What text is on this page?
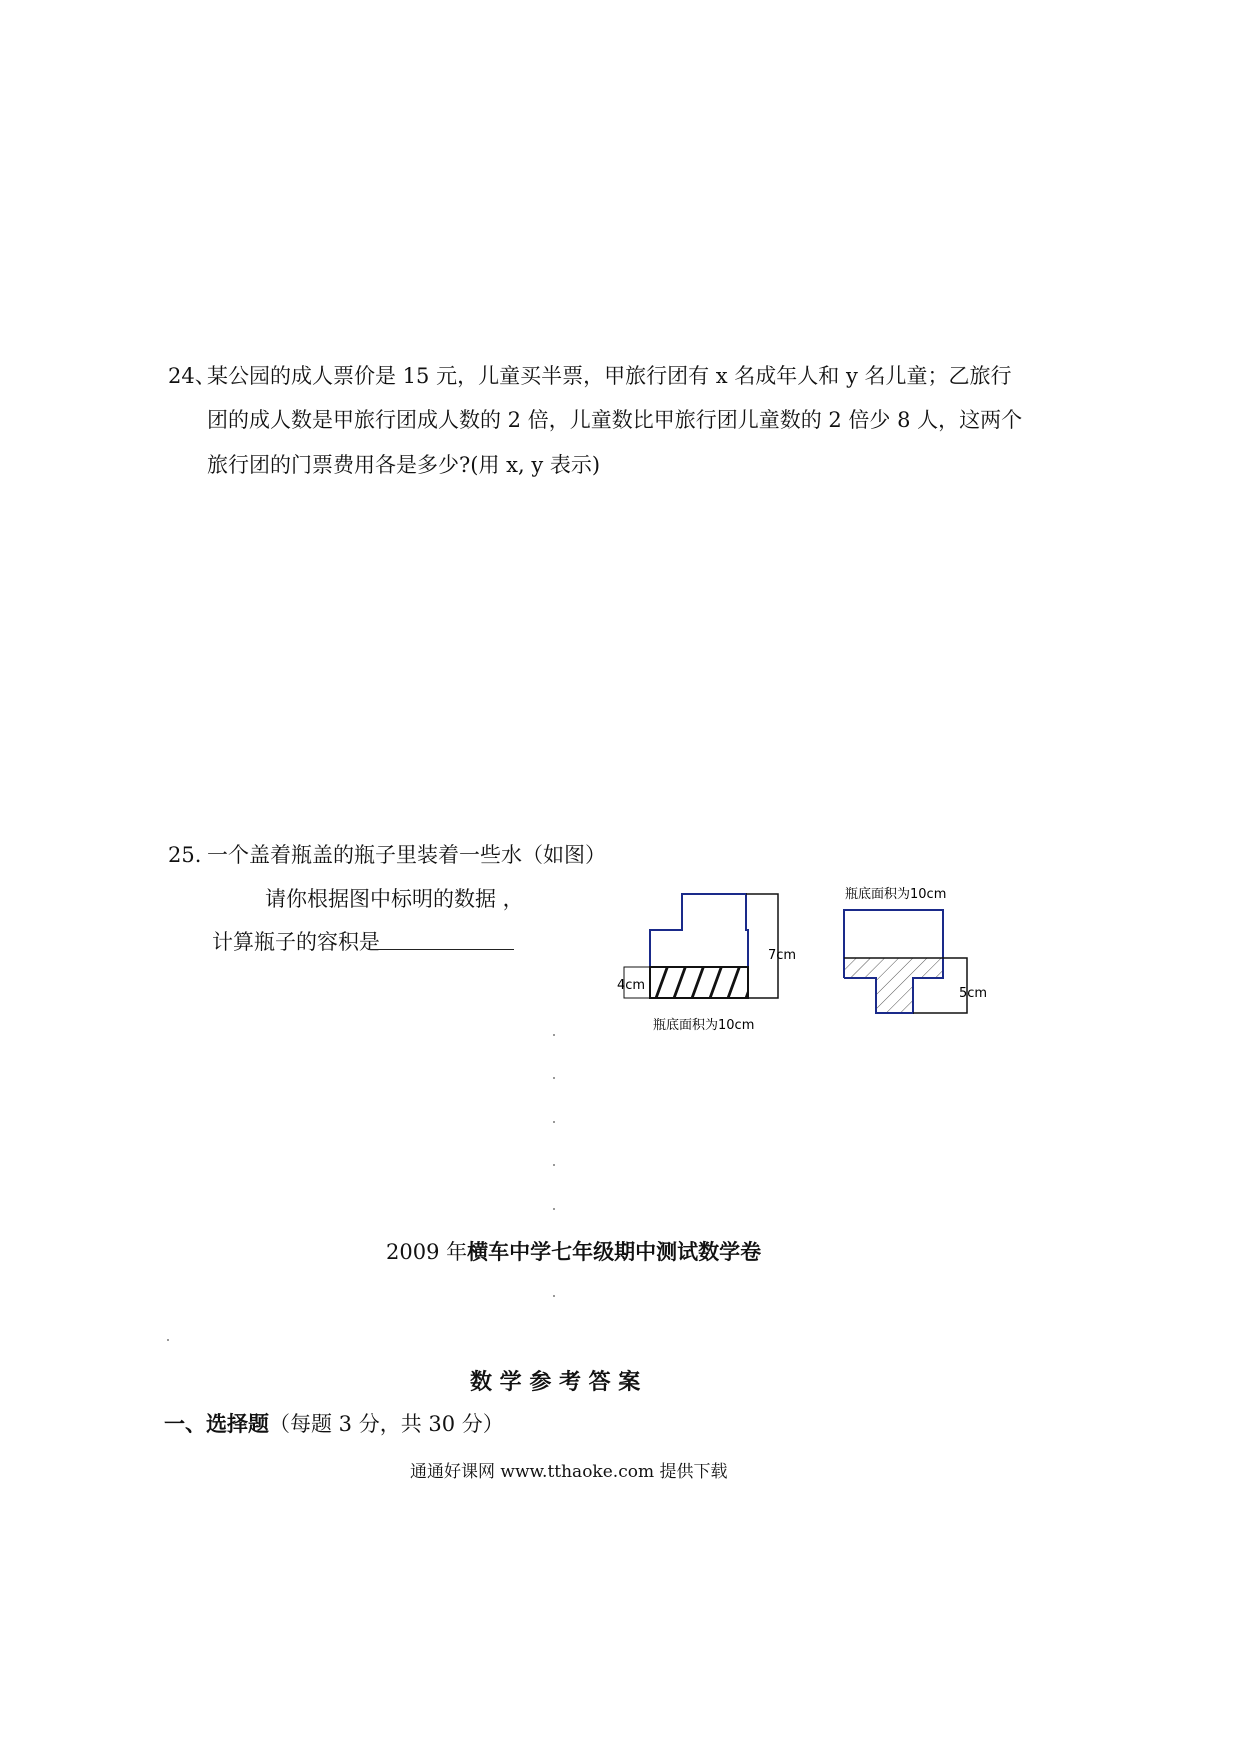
24、
某公园的成人票价是 15 元，儿童买半票，甲旅行团有 x 名成年人和 y 名儿童；乙旅行
团的成人数是甲旅行团成人数的 2 倍，儿童数比甲旅行团儿童数的 2 倍少 8 人，这两个
旅行团的门票费用各是多少?(用 x, y 表示)
25. 一个盖着瓶盖的瓶子里装着一些水（如图）
请你根据图中标明的数据 ，
计算瓶子的容积是
7cm
4cm
瓶底面积为10cm
瓶底面积为10cm
5cm
2009 年横车中学七年级期中测试数学卷
数 学 参 考 答 案
一、选择题（每题 3 分，共 30 分）
通通好课网 www.tthaoke.com 提供下载
